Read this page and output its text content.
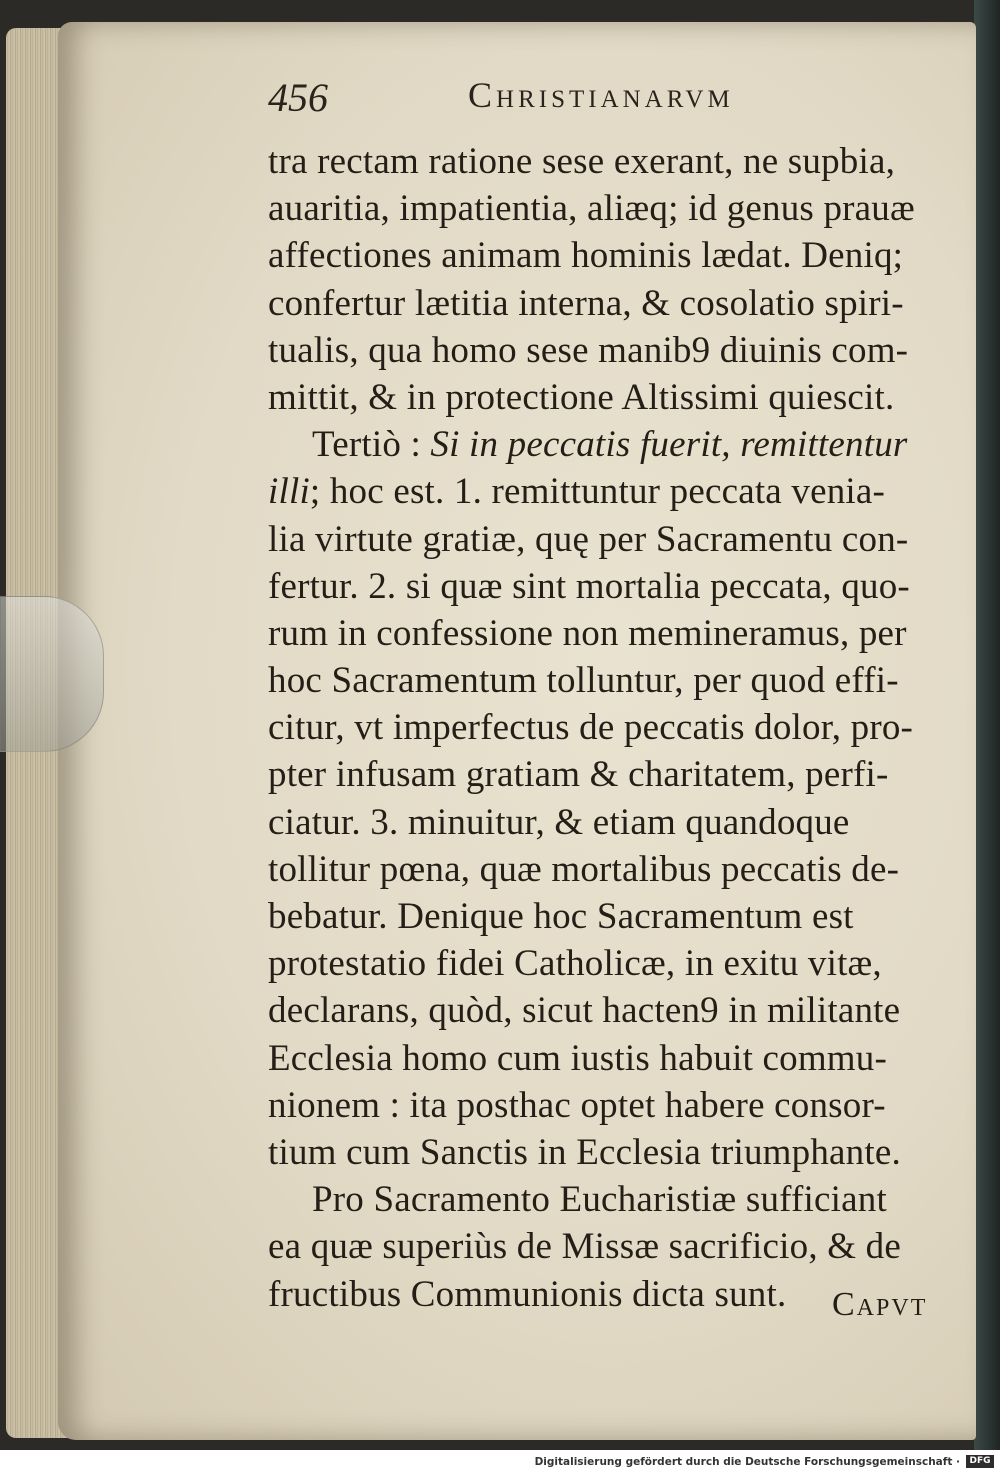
456	Christianarvm
tra rectam ratione sese exerant, ne supbia,
auaritia, impatientia, aliæq; id genus prauæ
affectiones animam hominis lædat. Deniq;
confertur lætitia interna, & cosolatio spiri-
tualis, qua homo sese manib9 diuinis com-
mittit, & in protectione Altissimi quiescit.
Tertiò : Si in peccatis fuerit, remittentur
illi; hoc est. 1. remittuntur peccata venia-
lia virtute gratiæ, quę per Sacramentu con-
fertur. 2. si quæ sint mortalia peccata, quo-
rum in confessione non memineramus, per
hoc Sacramentum tolluntur, per quod effi-
citur, vt imperfectus de peccatis dolor, pro-
pter infusam gratiam & charitatem, perfi-
ciatur. 3. minuitur, & etiam quandoque
tollitur pœna, quæ mortalibus peccatis de-
bebatur. Denique hoc Sacramentum est
protestatio fidei Catholicæ, in exitu vitæ,
declarans, quòd, sicut hacten9 in militante
Ecclesia homo cum iustis habuit commu-
nionem : ita posthac optet habere consor-
tium cum Sanctis in Ecclesia triumphante.
Pro Sacramento Eucharistiæ sufficiant
ea quæ superiùs de Missæ sacrificio, & de
fructibus Communionis dicta sunt.	Capvt
Digitalisierung gefördert durch die Deutsche Forschungsgemeinschaft ·	DFG
